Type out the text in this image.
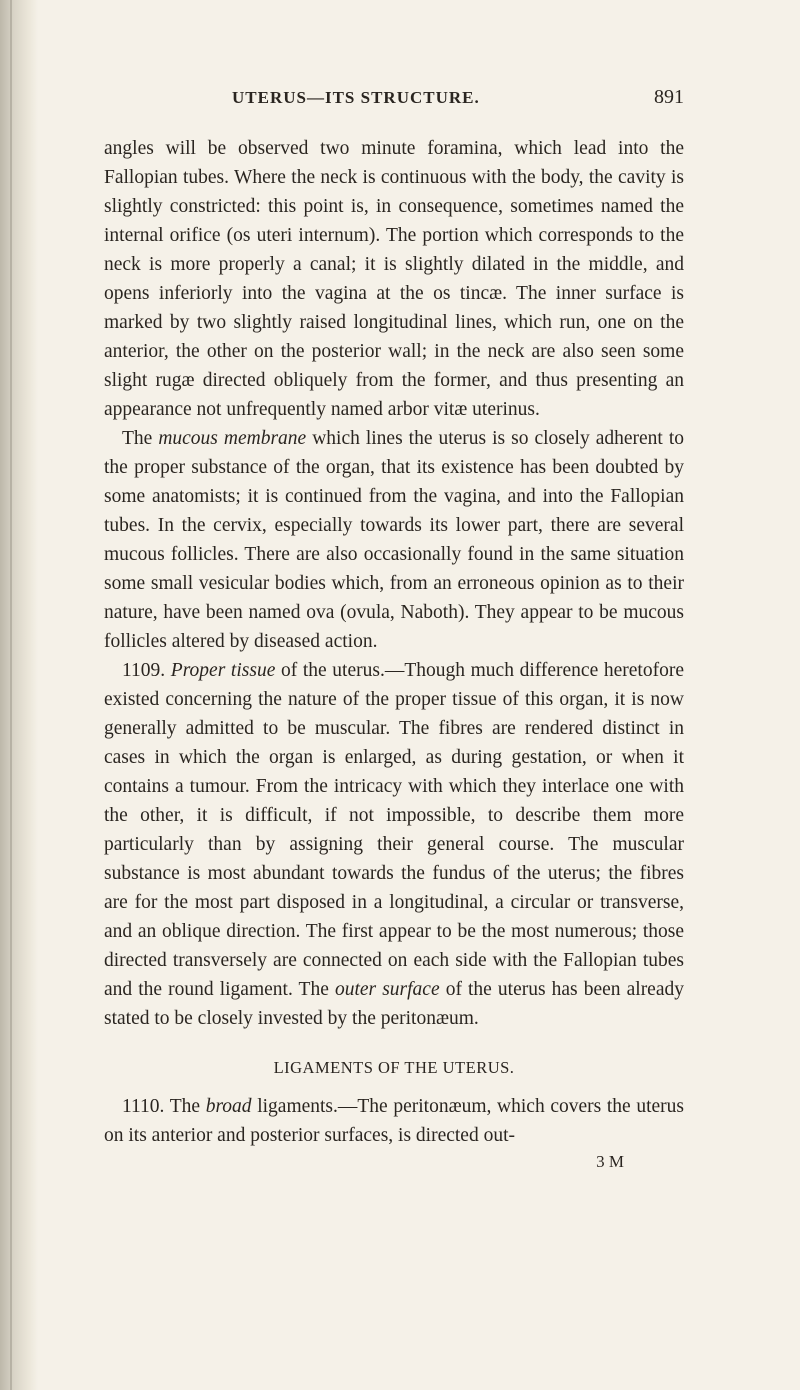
UTERUS—ITS STRUCTURE.	891

angles will be observed two minute foramina, which lead into the Fallopian tubes. Where the neck is continuous with the body, the cavity is slightly constricted: this point is, in consequence, sometimes named the internal orifice (os uteri internum). The portion which corresponds to the neck is more properly a canal; it is slightly dilated in the middle, and opens inferiorly into the vagina at the os tincæ. The inner surface is marked by two slightly raised longitudinal lines, which run, one on the anterior, the other on the posterior wall; in the neck are also seen some slight rugæ directed obliquely from the former, and thus presenting an appearance not unfrequently named arbor vitæ uterinus.

The mucous membrane which lines the uterus is so closely adherent to the proper substance of the organ, that its existence has been doubted by some anatomists; it is continued from the vagina, and into the Fallopian tubes. In the cervix, especially towards its lower part, there are several mucous follicles. There are also occasionally found in the same situation some small vesicular bodies which, from an erroneous opinion as to their nature, have been named ova (ovula, Naboth). They appear to be mucous follicles altered by diseased action.

1109. Proper tissue of the uterus.—Though much difference heretofore existed concerning the nature of the proper tissue of this organ, it is now generally admitted to be muscular. The fibres are rendered distinct in cases in which the organ is enlarged, as during gestation, or when it contains a tumour. From the intricacy with which they interlace one with the other, it is difficult, if not impossible, to describe them more particularly than by assigning their general course. The muscular substance is most abundant towards the fundus of the uterus; the fibres are for the most part disposed in a longitudinal, a circular or transverse, and an oblique direction. The first appear to be the most numerous; those directed transversely are connected on each side with the Fallopian tubes and the round ligament. The outer surface of the uterus has been already stated to be closely invested by the peritonæum.

LIGAMENTS OF THE UTERUS.

1110. The broad ligaments.—The peritonæum, which covers the uterus on its anterior and posterior surfaces, is directed out-

3 M
